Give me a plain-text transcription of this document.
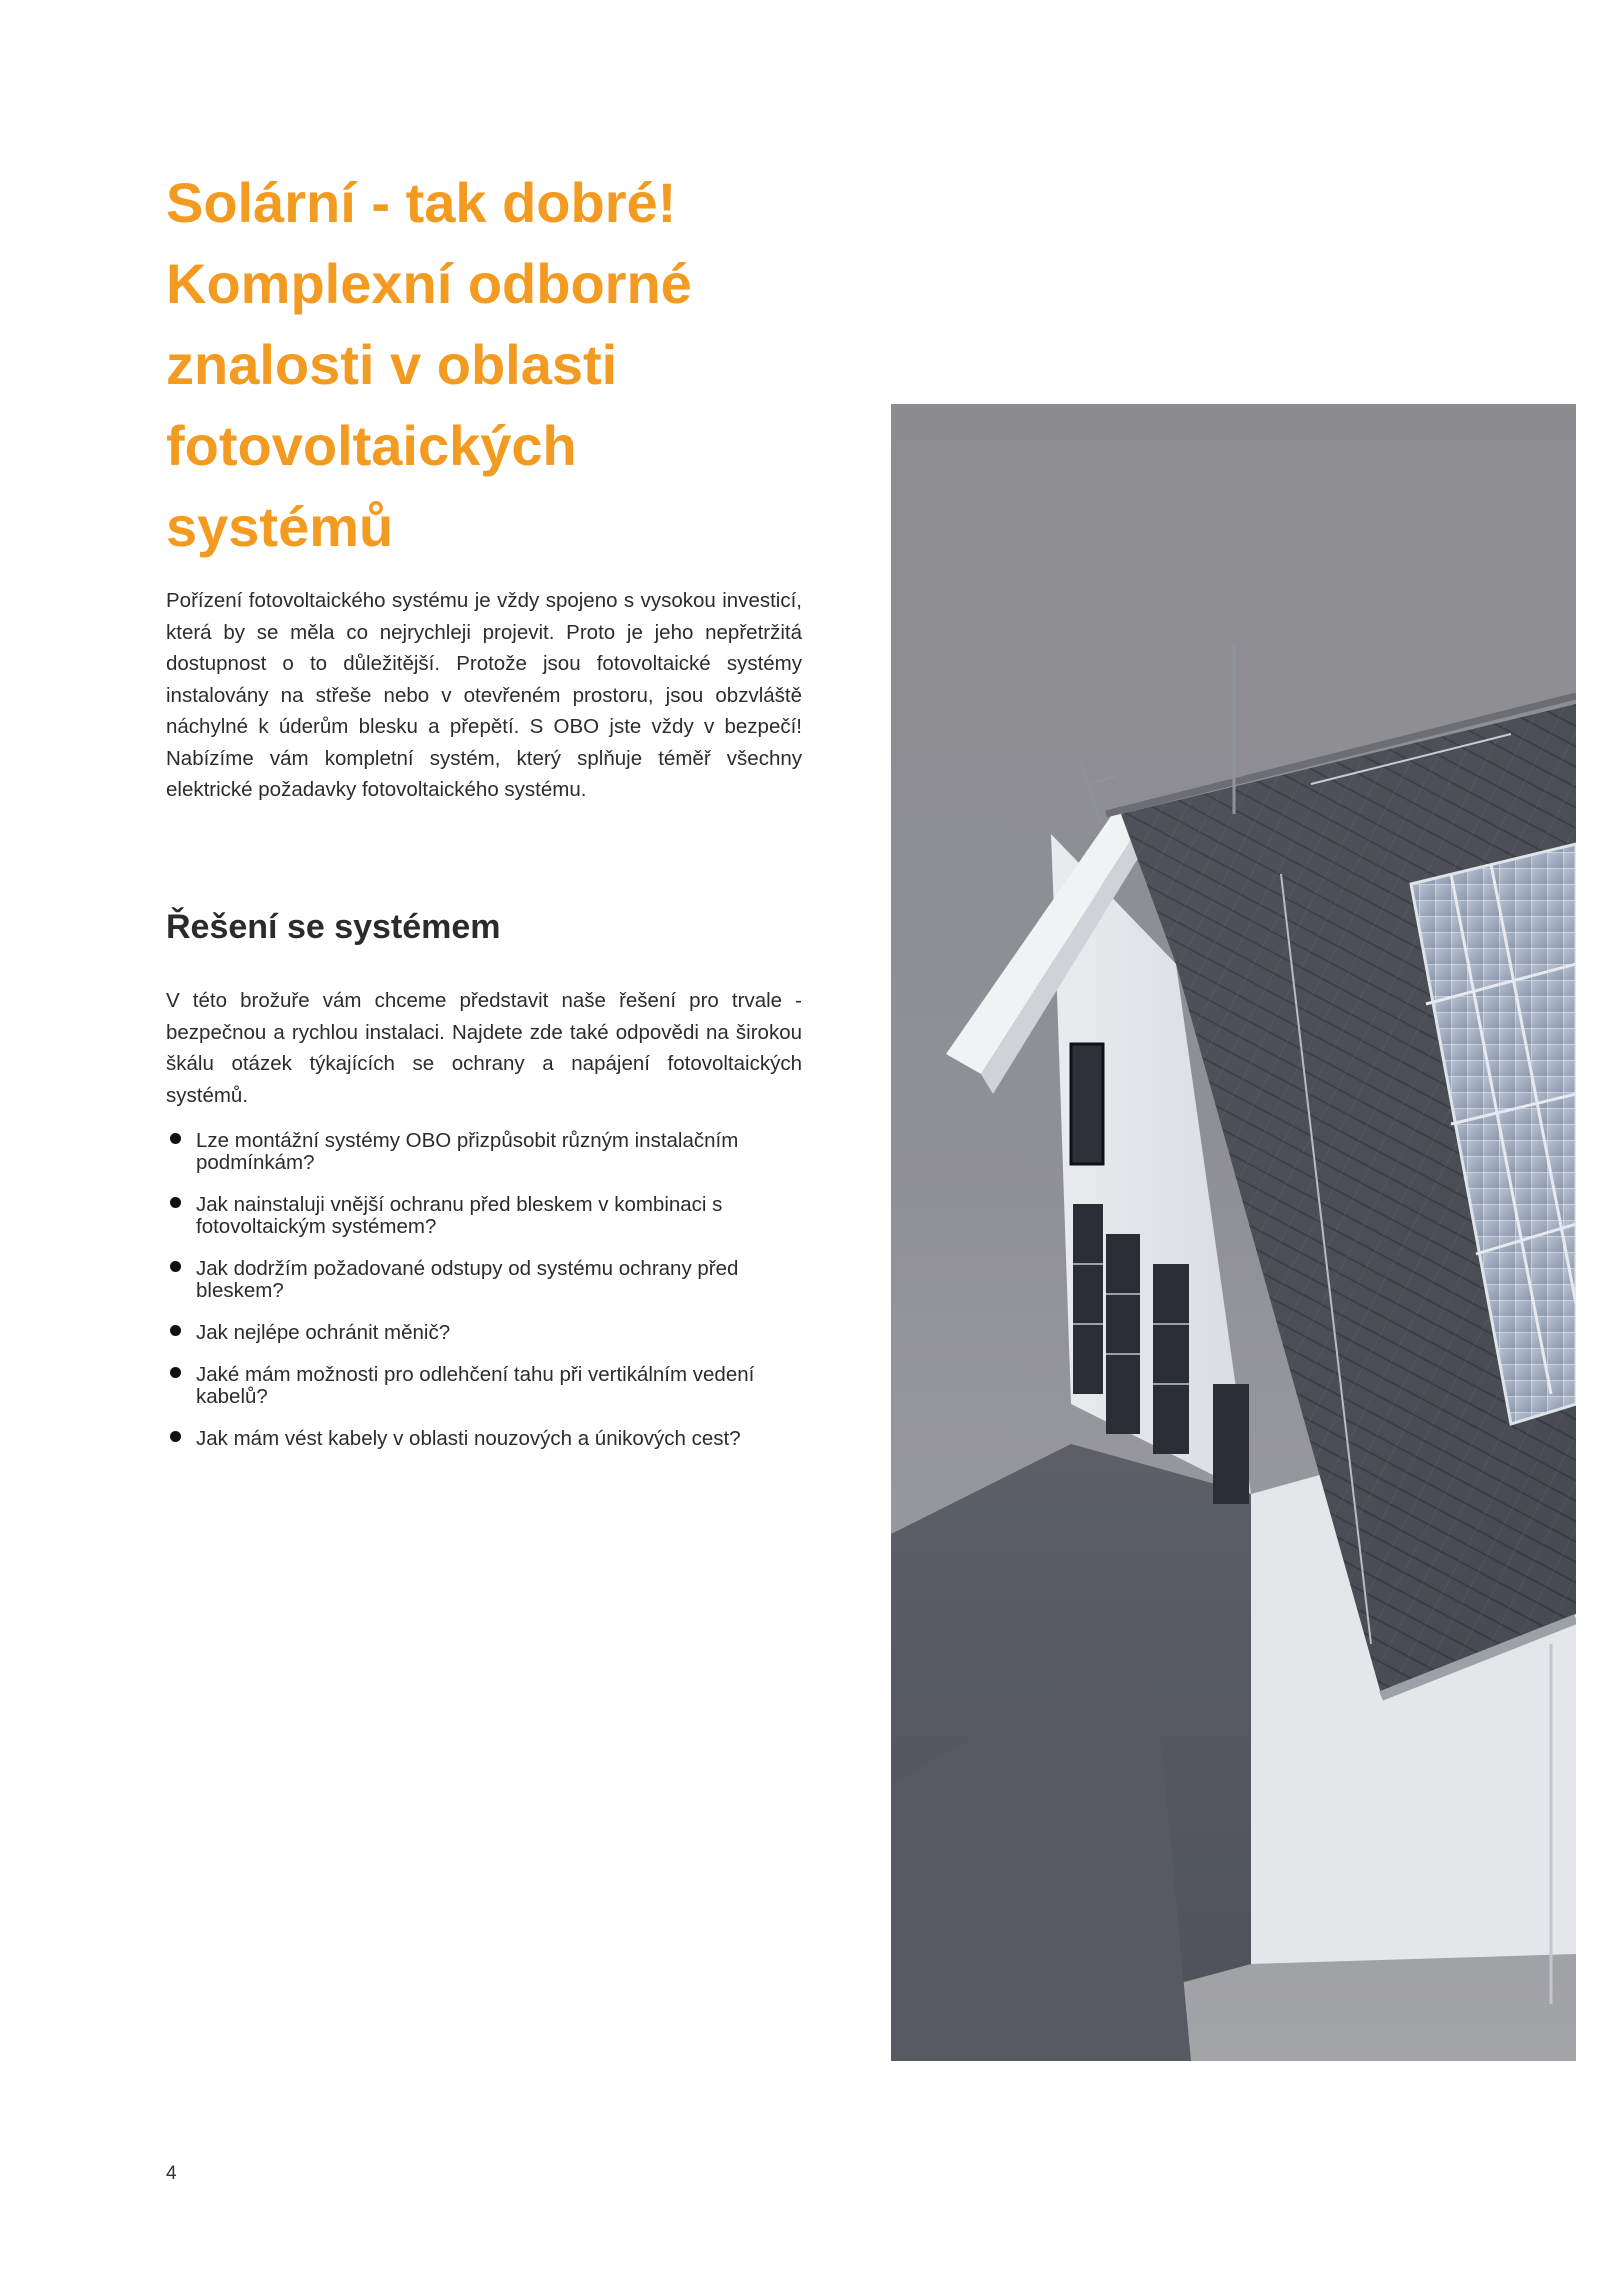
Solární - tak dobré!
Komplexní odborné
znalosti v oblasti
fotovoltaických
systémů

Pořízení fotovoltaického systému je vždy spojeno s vysokou investicí, která by se měla co nejrychleji projevit. Proto je jeho nepřetržitá dostupnost o to důležitější. Protože jsou fotovoltaické systémy instalovány na střeše nebo v otevřeném prostoru, jsou obzvláště náchylné k úderům blesku a přepětí. S OBO jste vždy v bezpečí! Nabízíme vám kompletní systém, který splňuje téměř všechny elektrické požadavky fotovoltaického systému.

Řešení se systémem

V této brožuře vám chceme představit naše řešení pro trvale - bezpečnou a rychlou instalaci. Najdete zde také odpovědi na širokou škálu otázek týkajících se ochrany a napájení fotovoltaických systémů.

Lze montážní systémy OBO přizpůsobit různým instalačním podmínkám?
Jak nainstaluji vnější ochranu před bleskem v kombinaci s fotovoltaickým systémem?
Jak dodržím požadované odstupy od systému ochrany před bleskem?
Jak nejlépe ochránit měnič?
Jaké mám možnosti pro odlehčení tahu při vertikálním vedení kabelů?
Jak mám vést kabely v oblasti nouzových a únikových cest?
4
